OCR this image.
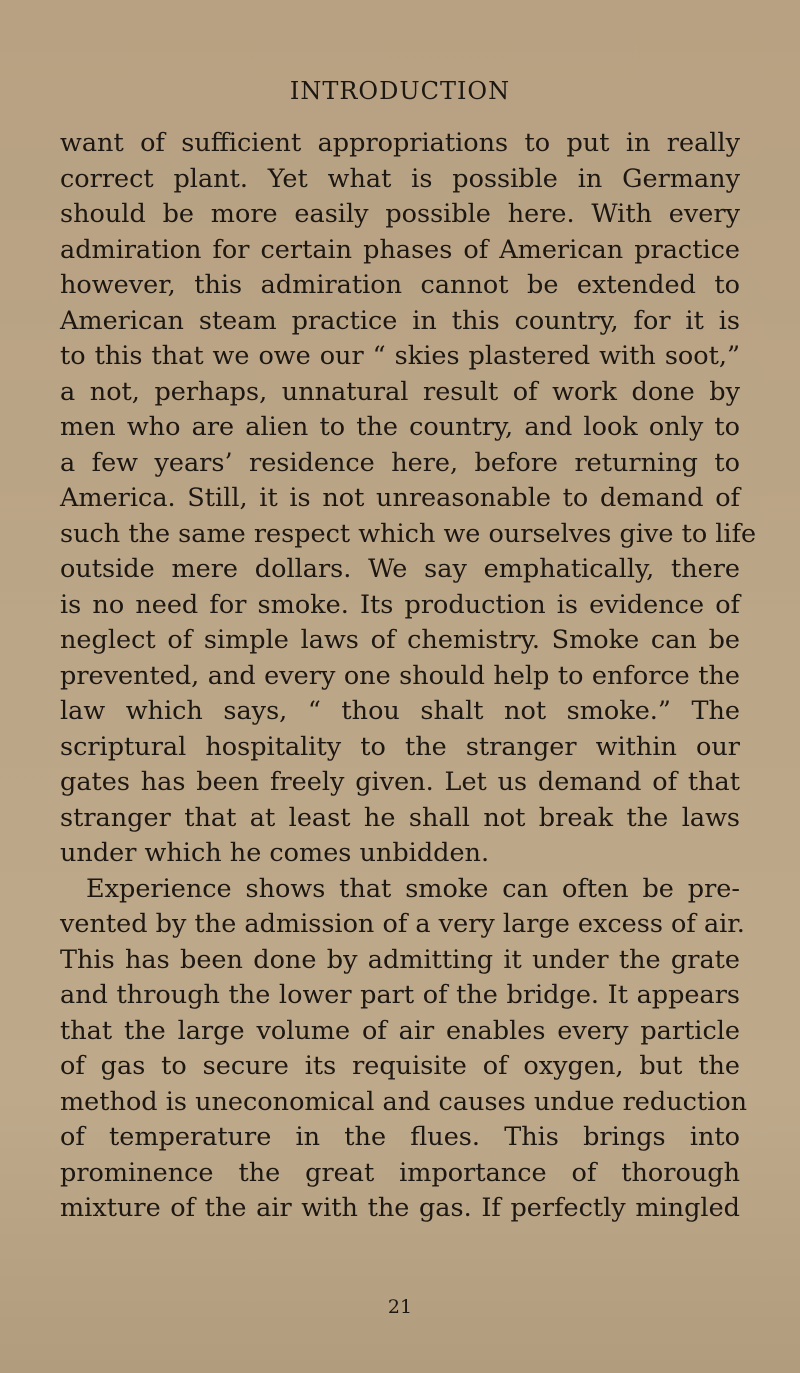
INTRODUCTION
want of sufficient appropriations to put in really
correct plant. Yet what is possible in Germany
should be more easily possible here. With every
admiration for certain phases of American practice
however, this admiration cannot be extended to
American steam practice in this country, for it is
to this that we owe our “ skies plastered with soot,”
a not, perhaps, unnatural result of work done by
men who are alien to the country, and look only to
a few years’ residence here, before returning to
America. Still, it is not unreasonable to demand of
such the same respect which we ourselves give to life
outside mere dollars. We say emphatically, there
is no need for smoke. Its production is evidence of
neglect of simple laws of chemistry. Smoke can be
prevented, and every one should help to enforce the
law which says, “ thou shalt not smoke.” The
scriptural hospitality to the stranger within our
gates has been freely given. Let us demand of that
stranger that at least he shall not break the laws
under which he comes unbidden.
Experience shows that smoke can often be pre-
vented by the admission of a very large excess of air.
This has been done by admitting it under the grate
and through the lower part of the bridge. It appears
that the large volume of air enables every particle
of gas to secure its requisite of oxygen, but the
method is uneconomical and causes undue reduction
of temperature in the flues. This brings into
prominence the great importance of thorough
mixture of the air with the gas. If perfectly mingled
21
